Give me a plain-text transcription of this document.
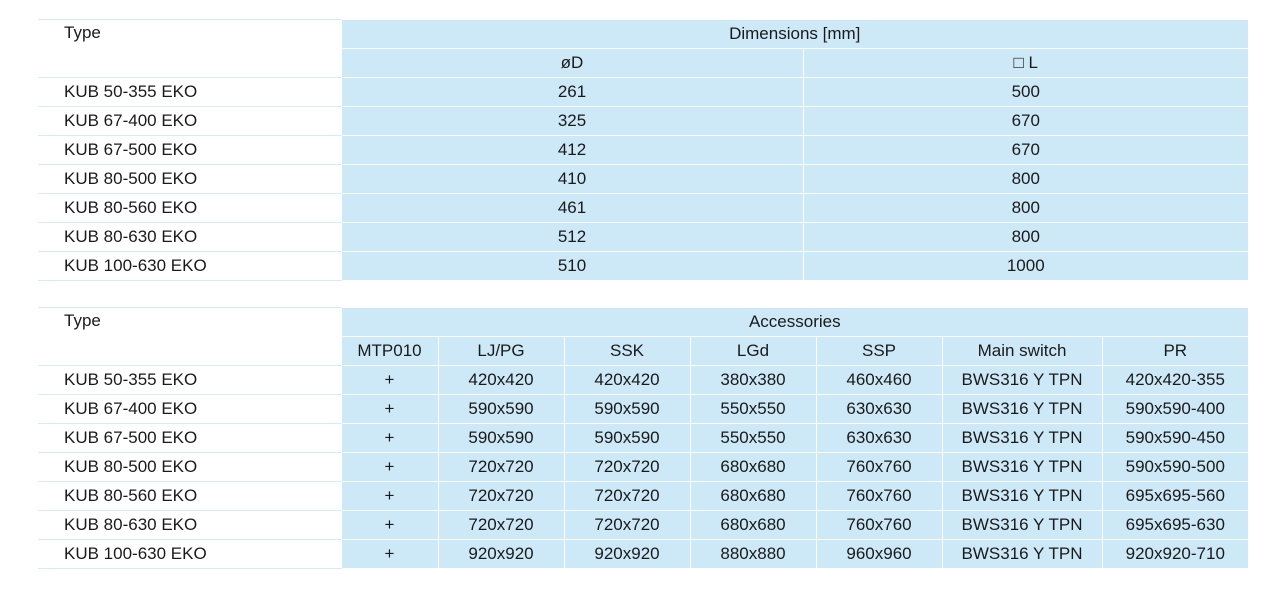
Type	Dimensions [mm]	
	øD	□ L
KUB 50-355 EKO	261	500
KUB 67-400 EKO	325	670
KUB 67-500 EKO	412	670
KUB 80-500 EKO	410	800
KUB 80-560 EKO	461	800
KUB 80-630 EKO	512	800
KUB 100-630 EKO	510	1000
Type	Accessories						
	MTP010	LJ/PG	SSK	LGd	SSP	Main switch	PR
KUB 50-355 EKO	+	420x420	420x420	380x380	460x460	BWS316 Y TPN	420x420-355
KUB 67-400 EKO	+	590x590	590x590	550x550	630x630	BWS316 Y TPN	590x590-400
KUB 67-500 EKO	+	590x590	590x590	550x550	630x630	BWS316 Y TPN	590x590-450
KUB 80-500 EKO	+	720x720	720x720	680x680	760x760	BWS316 Y TPN	590x590-500
KUB 80-560 EKO	+	720x720	720x720	680x680	760x760	BWS316 Y TPN	695x695-560
KUB 80-630 EKO	+	720x720	720x720	680x680	760x760	BWS316 Y TPN	695x695-630
KUB 100-630 EKO	+	920x920	920x920	880x880	960x960	BWS316 Y TPN	920x920-710
